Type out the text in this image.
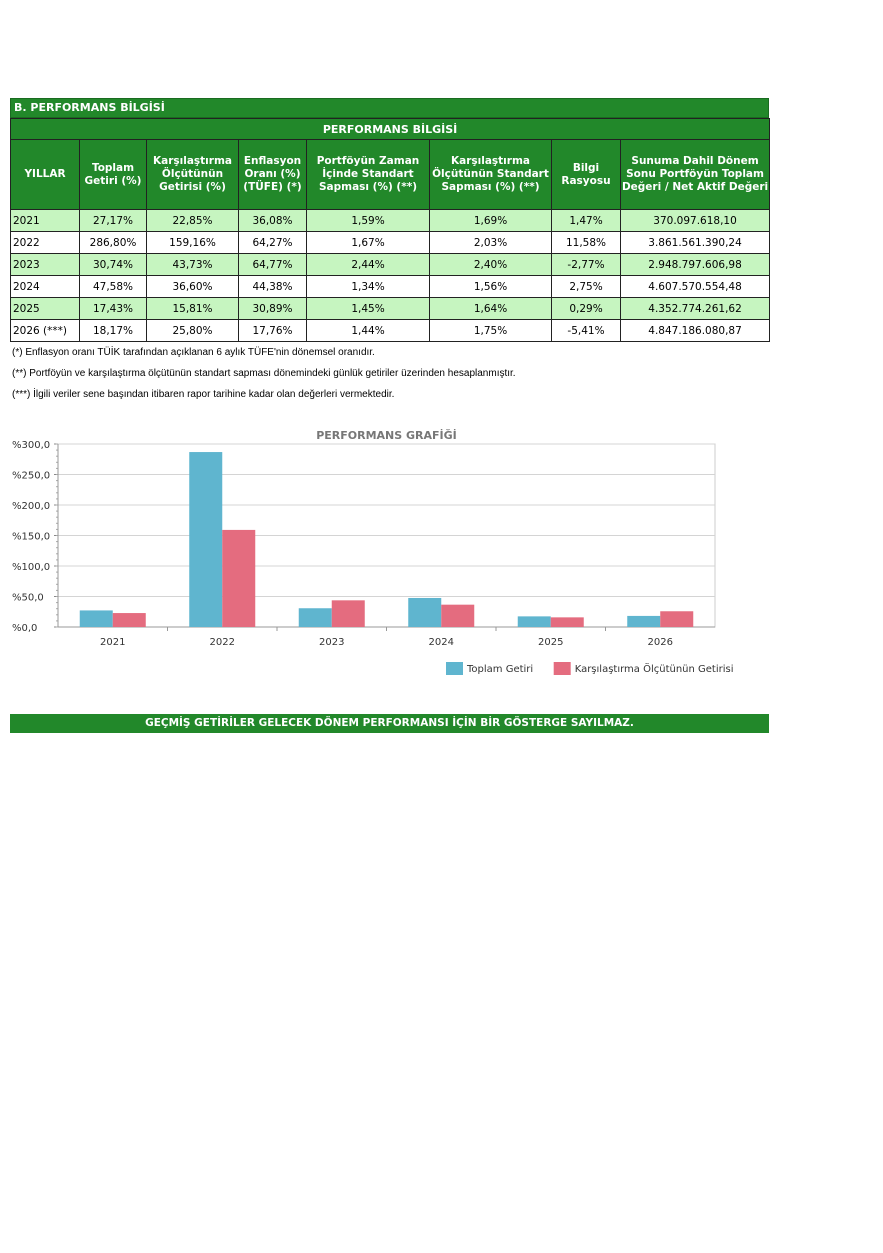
B. PERFORMANS BİLGİSİ
PERFORMANS BİLGİSİ							
YILLAR	Toplam Getiri (%)	Karşılaştırma Ölçütünün Getirisi (%)	Enflasyon Oranı (%) (TÜFE) (*)	Portföyün Zaman İçinde Standart Sapması (%) (**)	Karşılaştırma Ölçütünün Standart Sapması (%) (**)	Bilgi Rasyosu	Sunuma Dahil Dönem Sonu Portföyün Toplam Değeri / Net Aktif Değeri
2021	27,17%	22,85%	36,08%	1,59%	1,69%	1,47%	370.097.618,10
2022	286,80%	159,16%	64,27%	1,67%	2,03%	11,58%	3.861.561.390,24
2023	30,74%	43,73%	64,77%	2,44%	2,40%	-2,77%	2.948.797.606,98
2024	47,58%	36,60%	44,38%	1,34%	1,56%	2,75%	4.607.570.554,48
2025	17,43%	15,81%	30,89%	1,45%	1,64%	0,29%	4.352.774.261,62
2026 (***)	18,17%	25,80%	17,76%	1,44%	1,75%	-5,41%	4.847.186.080,87
(*) Enflasyon oranı TÜİK tarafından açıklanan 6 aylık TÜFE'nin dönemsel oranıdır.
(**) Portföyün ve karşılaştırma ölçütünün standart sapması dönemindeki günlük getiriler üzerinden hesaplanmıştır.
(***) İlgili veriler sene başından itibaren rapor tarihine kadar olan değerleri vermektedir.
PERFORMANS GRAFİĞİ
%0,0
%50,0
%100,0
%150,0
%200,0
%250,0
%300,0
2021	2022	2023	2024	2025	2026
Toplam Getiri	Karşılaştırma Ölçütünün Getirisi
GEÇMİŞ GETİRİLER GELECEK DÖNEM PERFORMANSI İÇİN BİR GÖSTERGE SAYILMAZ.
